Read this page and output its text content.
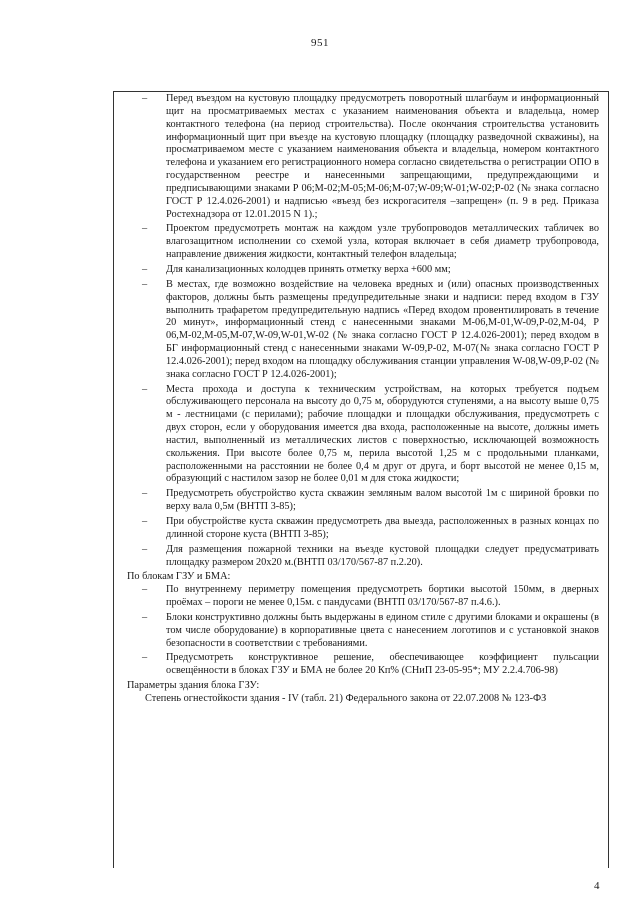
951
–	Перед въездом на кустовую площадку предусмотреть поворотный шлагбаум и информационный щит на просматриваемых местах с указанием наименования объекта и владельца, номер контактного телефона (на период строительства). После окончания строительства установить информационный щит при въезде на кустовую площадку (площадку разведочной скважины), на просматриваемом месте с указанием наименования объекта и владельца, номером контактного телефона и указанием его регистрационного номера согласно свидетельства о регистрации ОПО в государственном реестре и нанесенными запрещающими, предупреждающими и предписывающими знаками Р 06;М-02;М-05;М-06;М-07;W-09;W-01;W-02;Р-02 (№ знака согласно ГОСТ Р 12.4.026-2001) и надписью «въезд без искрогасителя –запрещен» (п. 9 в ред. Приказа Ростехнадзора от 12.01.2015 N 1).;
–	Проектом предусмотреть монтаж на каждом узле трубопроводов металлических табличек во влагозащитном исполнении со схемой узла, которая включает в себя диаметр трубопровода, направление движения жидкости, контактный телефон владельца;
–	Для канализационных колодцев принять отметку верха +600 мм;
–	В местах, где возможно воздействие на человека вредных и (или) опасных производственных факторов, должны быть размещены предупредительные знаки и надписи: перед входом в ГЗУ выполнить трафаретом предупредительную надпись «Перед входом провентилировать в течение 20 минут», информационный стенд с нанесенными знаками М-06,М-01,W-09,Р-02,М-04, Р 06,М-02,М-05,М-07,W-09,W-01,W-02 (№ знака согласно ГОСТ Р 12.4.026-2001); перед входом в БГ информационный стенд с нанесенными знаками W-09,Р-02, М-07(№ знака согласно ГОСТ Р 12.4.026-2001); перед входом на площадку обслуживания станции управления W-08,W-09,Р-02 (№ знака согласно ГОСТ Р 12.4.026-2001);
–	Места прохода и доступа к техническим устройствам, на которых требуется подъем обслуживающего персонала на высоту до 0,75 м, оборудуются ступенями, а на высоту выше 0,75 м - лестницами (с перилами); рабочие площадки и площадки обслуживания, предусмотреть с двух сторон, если у оборудования имеется два входа, расположенные на высоте, должны иметь настил, выполненный из металлических листов с поверхностью, исключающей возможность скольжения. При высоте более 0,75 м, перила высотой 1,25 м с продольными планками, расположенными на расстоянии не более 0,4 м друг от друга, и борт высотой не менее 0,15 м, образующий с настилом зазор не более 0,01 м для стока жидкости;
–	Предусмотреть обустройство куста скважин земляным валом высотой 1м с шириной бровки по верху вала 0,5м (ВНТП 3-85);
–	При обустройстве куста скважин предусмотреть два выезда, расположенных в разных концах по длинной стороне куста (ВНТП 3-85);
–	Для размещения пожарной техники на въезде кустовой площадки следует предусматривать площадку размером 20х20 м.(ВНТП 03/170/567-87 п.2.20).
По блокам ГЗУ и БМА:
–	По внутреннему периметру помещения предусмотреть бортики высотой 150мм, в дверных проёмах – пороги не менее 0,15м. с пандусами (ВНТП 03/170/567-87 п.4.6.).
–	Блоки конструктивно должны быть выдержаны в едином стиле с другими блоками и окрашены (в том числе оборудование) в корпоративные цвета с нанесением логотипов и с установкой знаков безопасности в соответствии с требованиями.
–	Предусмотреть конструктивное решение, обеспечивающее коэффициент пульсации освещённости в блоках ГЗУ и БМА не более 20 Кп% (СНиП 23-05-95*; МУ 2.2.4.706-98)
Параметры здания блока ГЗУ:
Степень огнестойкости здания - IV (табл. 21) Федерального закона от 22.07.2008 № 123-ФЗ
4
